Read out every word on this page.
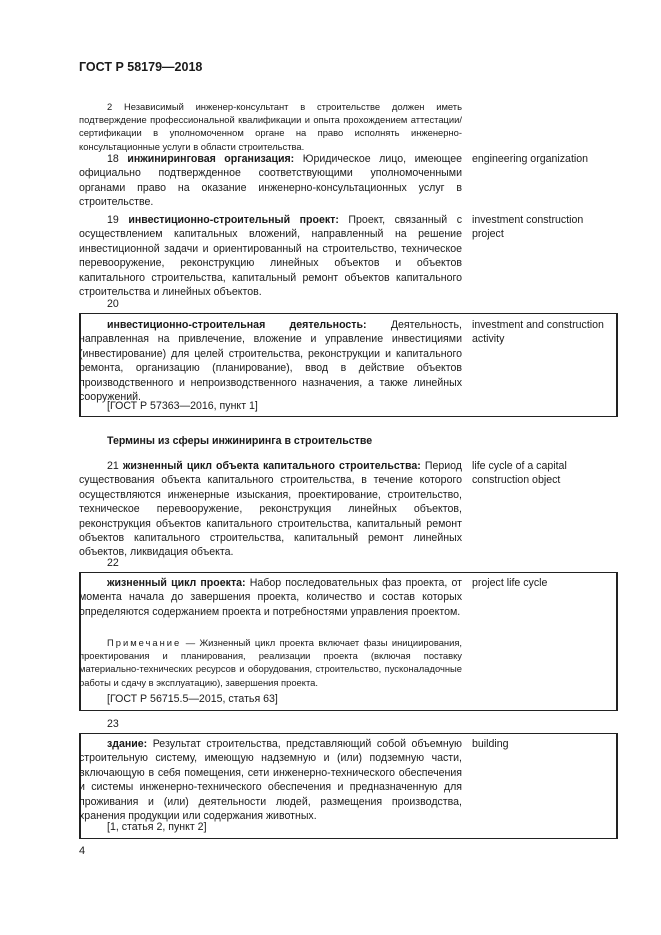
ГОСТ Р 58179—2018
2 Независимый инженер-консультант в строительстве должен иметь подтверждение профессиональной квалификации и опыта прохождением аттестации/сертификации в уполномоченном органе на право исполнять инженерно-консультационные услуги в области строительства.
18 инжиниринговая организация: Юридическое лицо, имеющее официально подтвержденное соответствующими уполномоченными органами право на оказание инженерно-консультационных услуг в строительстве.
engineering organization
19 инвестиционно-строительный проект: Проект, связанный с осуществлением капитальных вложений, направленный на решение инвестиционной задачи и ориентированный на строительство, техническое перевооружение, реконструкцию линейных объектов и объектов капитального строительства, капитальный ремонт объектов капитального строительства и линейных объектов.
investment construction project
20
инвестиционно-строительная деятельность: Деятельность, направленная на привлечение, вложение и управление инвестициями (инвестирование) для целей строительства, реконструкции и капитального ремонта, организацию (планирование), ввод в действие объектов производственного и непроизводственного назначения, а также линейных сооружений.
[ГОСТ Р 57363—2016, пункт 1]
investment and construction activity
Термины из сферы инжиниринга в строительстве
21 жизненный цикл объекта капитального строительства: Период существования объекта капитального строительства, в течение которого осуществляются инженерные изыскания, проектирование, строительство, техническое перевооружение, реконструкция линейных объектов, реконструкция объектов капитального строительства, капитальный ремонт объектов капитального строительства, капитальный ремонт линейных объектов, ликвидация объекта.
life cycle of a capital construction object
22
жизненный цикл проекта: Набор последовательных фаз проекта, от момента начала до завершения проекта, количество и состав которых определяются содержанием проекта и потребностями управления проектом.
Примечание — Жизненный цикл проекта включает фазы инициирования, проектирования и планирования, реализации проекта (включая поставку материально-технических ресурсов и оборудования, строительство, пусконаладочные работы и сдачу в эксплуатацию), завершения проекта.
[ГОСТ Р 56715.5—2015, статья 63]
project life cycle
23
здание: Результат строительства, представляющий собой объемную строительную систему, имеющую надземную и (или) подземную части, включающую в себя помещения, сети инженерно-технического обеспечения и системы инженерно-технического обеспечения и предназначенную для проживания и (или) деятельности людей, размещения производства, хранения продукции или содержания животных.
[1, статья 2, пункт 2]
building
4
